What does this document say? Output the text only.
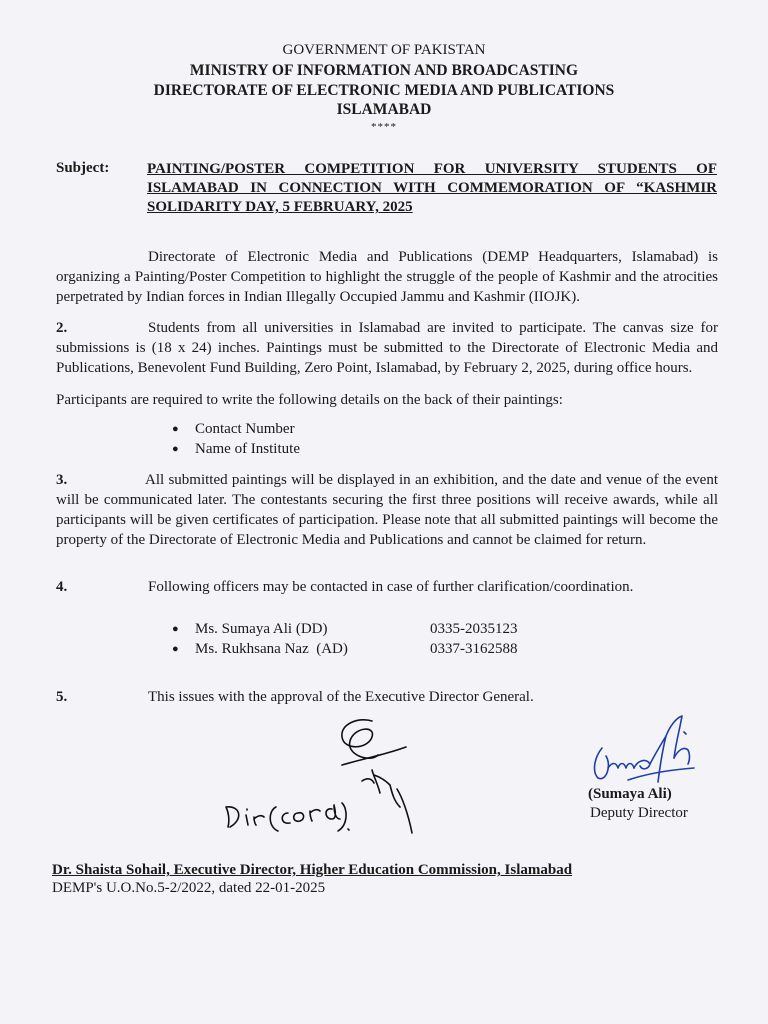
GOVERNMENT OF PAKISTAN

MINISTRY OF INFORMATION AND BROADCASTING

DIRECTORATE OF ELECTRONIC MEDIA AND PUBLICATIONS

ISLAMABAD

****

Subject:	PAINTING/POSTER COMPETITION FOR UNIVERSITY STUDENTS OF ISLAMABAD IN CONNECTION WITH COMMEMORATION OF “KASHMIR SOLIDARITY DAY, 5 FEBRUARY, 2025

Directorate of Electronic Media and Publications (DEMP Headquarters, Islamabad) is organizing a Painting/Poster Competition to highlight the struggle of the people of Kashmir and the atrocities perpetrated by Indian forces in Indian Illegally Occupied Jammu and Kashmir (IIOJK).

2.	Students from all universities in Islamabad are invited to participate. The canvas size for submissions is (18 x 24) inches. Paintings must be submitted to the Directorate of Electronic Media and Publications, Benevolent Fund Building, Zero Point, Islamabad, by February 2, 2025, during office hours.

Participants are required to write the following details on the back of their paintings:

● Contact Number
● Name of Institute

3.	All submitted paintings will be displayed in an exhibition, and the date and venue of the event will be communicated later. The contestants securing the first three positions will receive awards, while all participants will be given certificates of participation. Please note that all submitted paintings will become the property of the Directorate of Electronic Media and Publications and cannot be claimed for return.

4.	Following officers may be contacted in case of further clarification/coordination.
● Ms. Sumaya Ali (DD)	0335-2035123
● Ms. Rukhsana Naz  (AD)	0337-3162588
5.	This issues with the approval of the Executive Director General.
(Sumaya Ali)
Deputy Director
Dr. Shaista Sohail, Executive Director, Higher Education Commission, Islamabad
DEMP's U.O.No.5-2/2022, dated 22-01-2025
